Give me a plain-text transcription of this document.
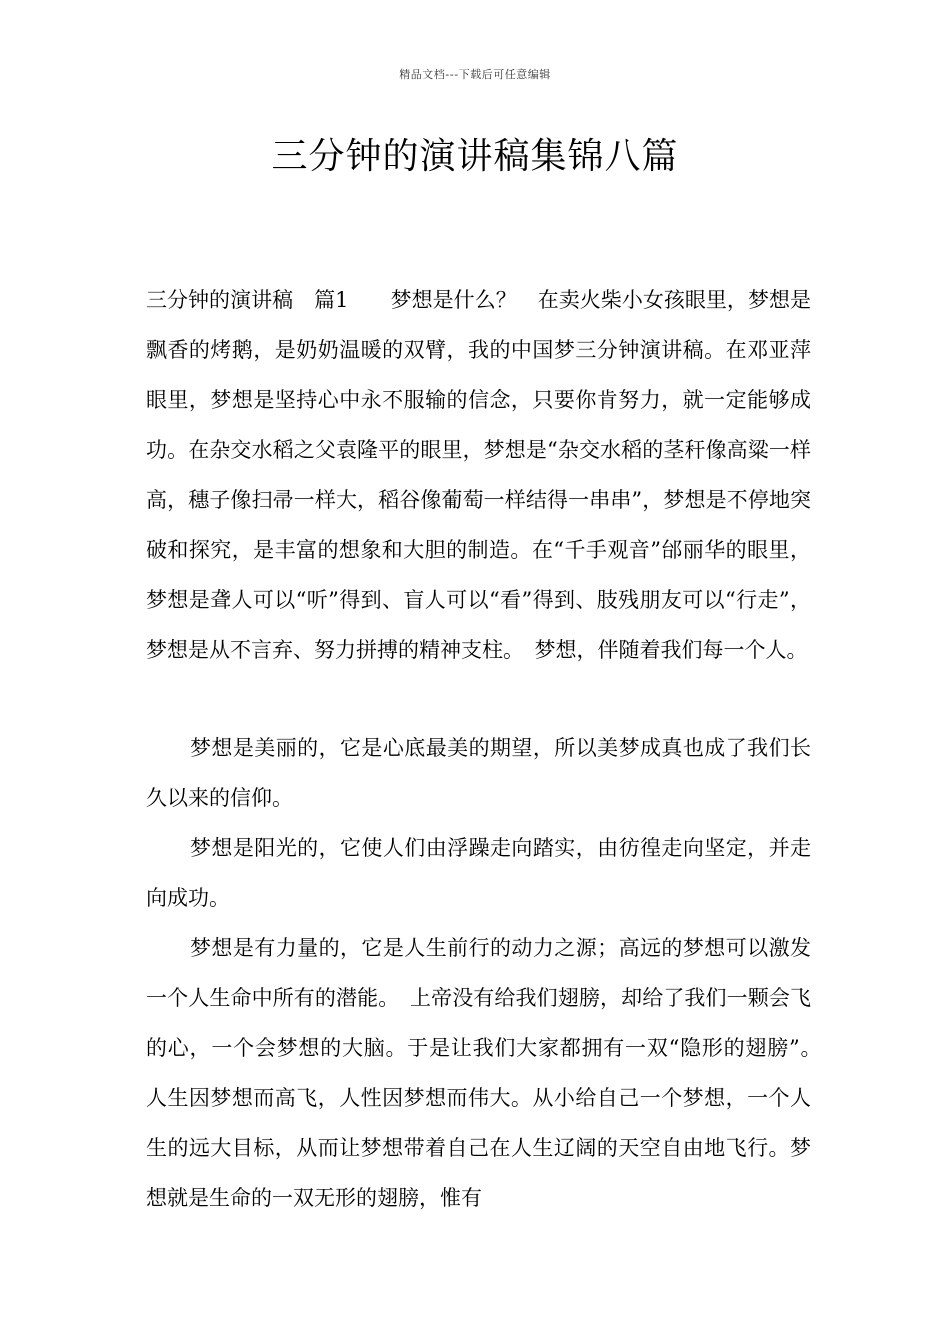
精品文档---下载后可任意编辑
三分钟的演讲稿集锦八篇

三分钟的演讲稿　篇1　　梦想是什么？　在卖火柴小女孩眼里，梦想是飘香的烤鹅，是奶奶温暖的双臂，我的中国梦三分钟演讲稿。在邓亚萍眼里，梦想是坚持心中永不服输的信念，只要你肯努力，就一定能够成功。在杂交水稻之父袁隆平的眼里，梦想是“杂交水稻的茎秆像高粱一样高，穗子像扫帚一样大，稻谷像葡萄一样结得一串串”，梦想是不停地突破和探究，是丰富的想象和大胆的制造。在“千手观音”邰丽华的眼里，梦想是聋人可以“听”得到、盲人可以“看”得到、肢残朋友可以“行走”，梦想是从不言弃、努力拼搏的精神支柱。　梦想，伴随着我们每一个人。

梦想是美丽的，它是心底最美的期望，所以美梦成真也成了我们长久以来的信仰。

梦想是阳光的，它使人们由浮躁走向踏实，由彷徨走向坚定，并走向成功。

梦想是有力量的，它是人生前行的动力之源；高远的梦想可以激发一个人生命中所有的潜能。　上帝没有给我们翅膀，却给了我们一颗会飞的心，一个会梦想的大脑。于是让我们大家都拥有一双“隐形的翅膀”。　人生因梦想而高飞，人性因梦想而伟大。从小给自己一个梦想，一个人生的远大目标，从而让梦想带着自己在人生辽阔的天空自由地飞行。梦想就是生命的一双无形的翅膀，惟有
